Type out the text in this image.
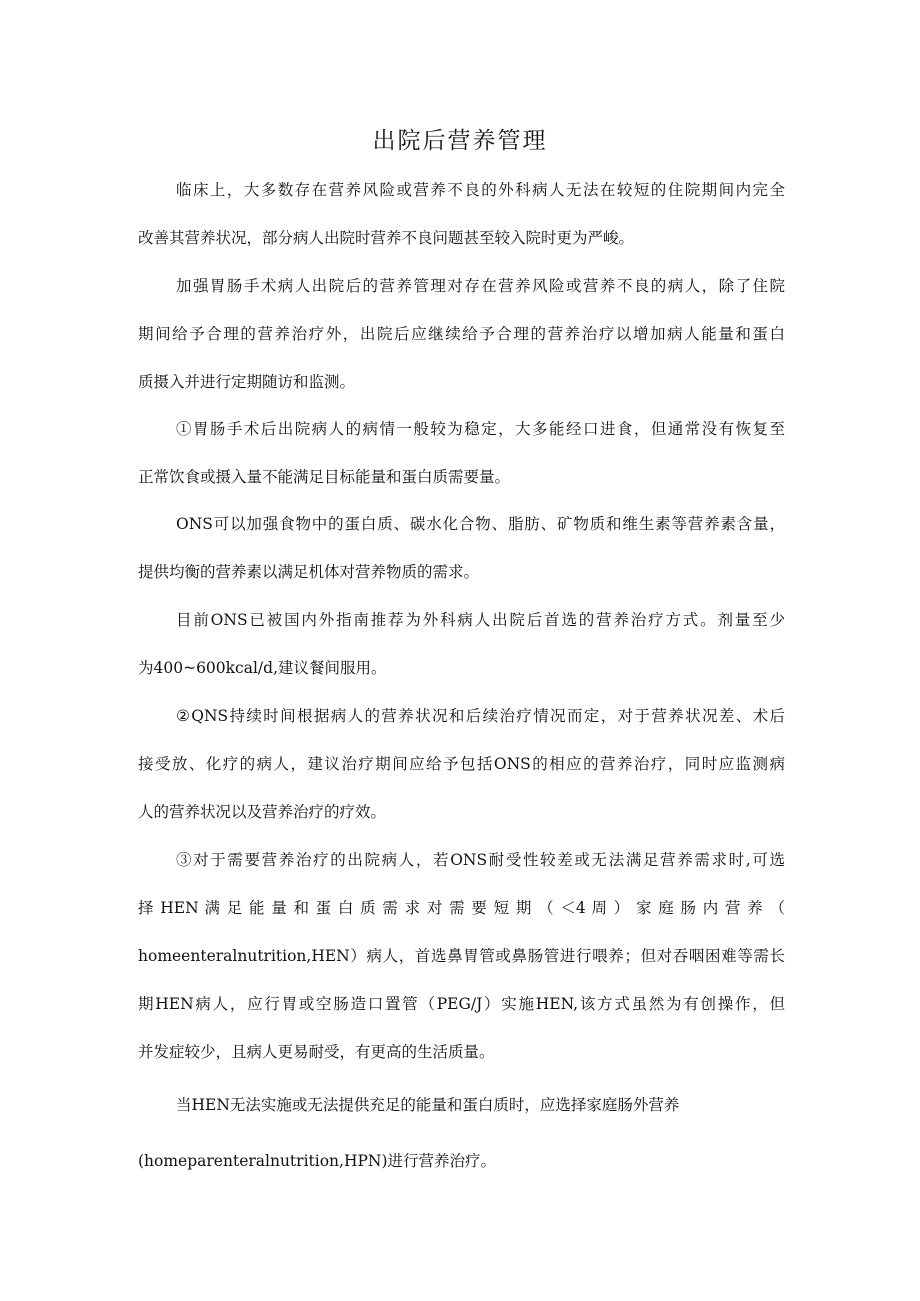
出院后营养管理
临床上，大多数存在营养风险或营养不良的外科病人无法在较短的住院期间内完全
改善其营养状况，部分病人出院时营养不良问题甚至较入院时更为严峻。
加强胃肠手术病人出院后的营养管理对存在营养风险或营养不良的病人，除了住院
期间给予合理的营养治疗外，出院后应继续给予合理的营养治疗以增加病人能量和蛋白
质摄入并进行定期随访和监测。
①胃肠手术后出院病人的病情一般较为稳定，大多能经口进食，但通常没有恢复至
正常饮食或摄入量不能满足目标能量和蛋白质需要量。
ONS可以加强食物中的蛋白质、碳水化合物、脂肪、矿物质和维生素等营养素含量，
提供均衡的营养素以满足机体对营养物质的需求。
目前ONS已被国内外指南推荐为外科病人出院后首选的营养治疗方式。剂量至少
为400~600kcal/d,建议餐间服用。
②QNS持续时间根据病人的营养状况和后续治疗情况而定，对于营养状况差、术后
接受放、化疗的病人，建议治疗期间应给予包括ONS的相应的营养治疗，同时应监测病
人的营养状况以及营养治疗的疗效。
③对于需要营养治疗的出院病人，若ONS耐受性较差或无法满足营养需求时,可选
择 HEN 满 足 能 量 和 蛋 白 质 需 求 对 需 要 短 期 （ ＜4 周 ） 家 庭 肠 内 营 养 （
homeenteralnutrition,HEN）病人，首选鼻胃管或鼻肠管进行喂养；但对吞咽困难等需长
期HEN病人，应行胃或空肠造口置管（PEG/J）实施HEN,该方式虽然为有创操作，但
并发症较少，且病人更易耐受，有更高的生活质量。
当HEN无法实施或无法提供充足的能量和蛋白质时，应选择家庭肠外营养
(homeparenteralnutrition,HPN)进行营养治疗。
